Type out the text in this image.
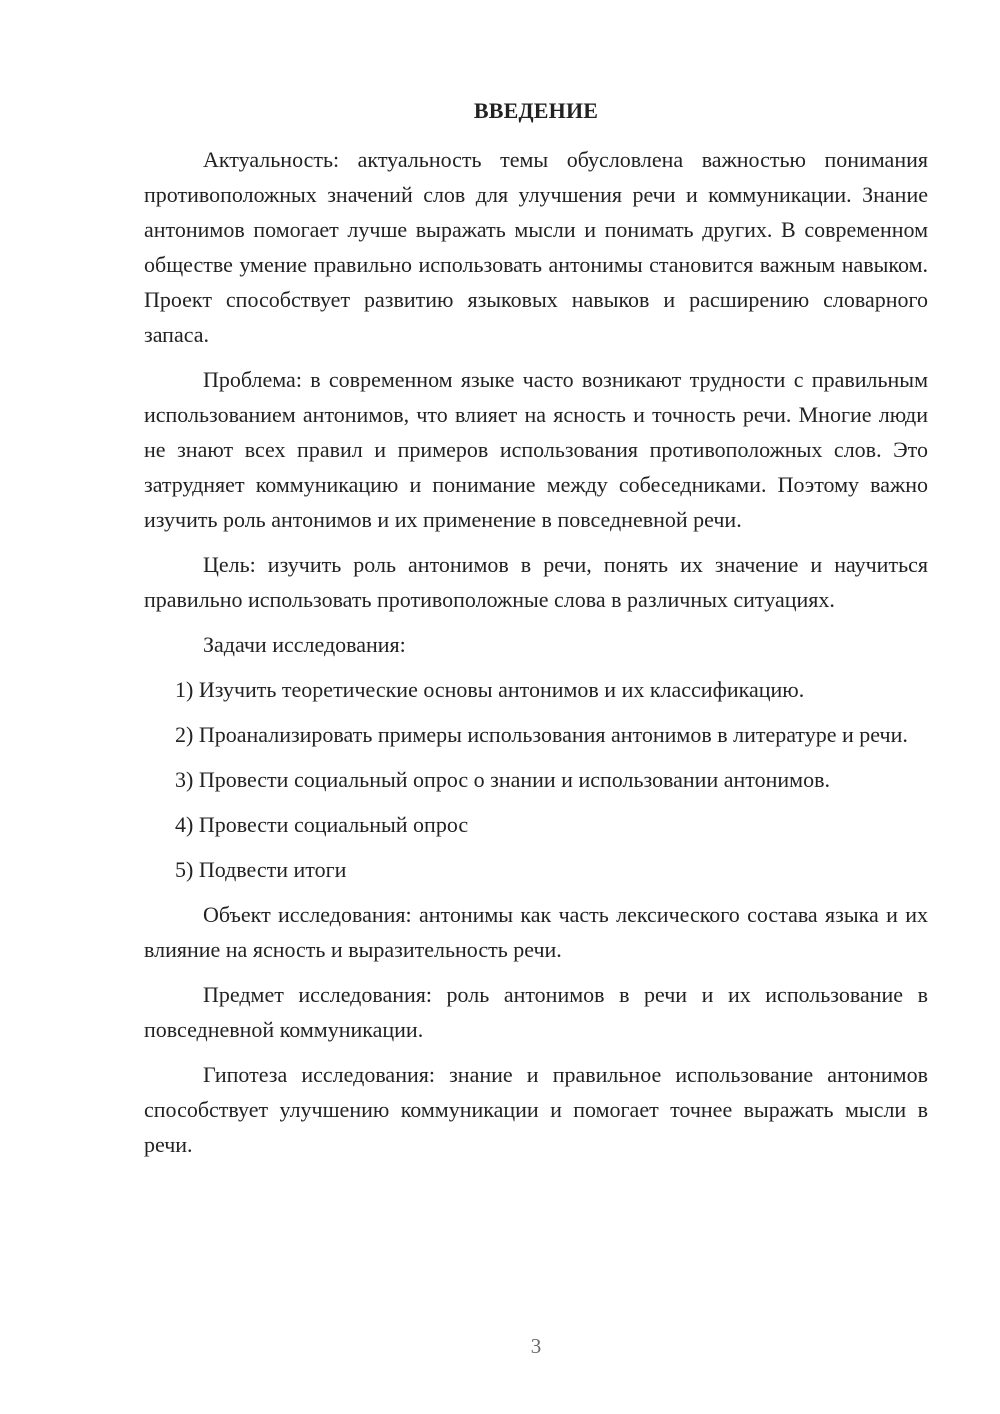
ВВЕДЕНИЕ

Актуальность: актуальность темы обусловлена важностью понимания противоположных значений слов для улучшения речи и коммуникации. Знание антонимов помогает лучше выражать мысли и понимать других. В современном обществе умение правильно использовать антонимы становится важным навыком. Проект способствует развитию языковых навыков и расширению словарного запаса.

Проблема: в современном языке часто возникают трудности с правильным использованием антонимов, что влияет на ясность и точность речи. Многие люди не знают всех правил и примеров использования противоположных слов. Это затрудняет коммуникацию и понимание между собеседниками. Поэтому важно изучить роль антонимов и их применение в повседневной речи.

Цель: изучить роль антонимов в речи, понять их значение и научиться правильно использовать противоположные слова в различных ситуациях.

Задачи исследования:

1) Изучить теоретические основы антонимов и их классификацию.

2) Проанализировать примеры использования антонимов в литературе и речи.

3) Провести социальный опрос о знании и использовании антонимов.

4) Провести социальный опрос

5) Подвести итоги

Объект исследования: антонимы как часть лексического состава языка и их влияние на ясность и выразительность речи.

Предмет исследования: роль антонимов в речи и их использование в повседневной коммуникации.

Гипотеза исследования: знание и правильное использование антонимов способствует улучшению коммуникации и помогает точнее выражать мысли в речи.

3
